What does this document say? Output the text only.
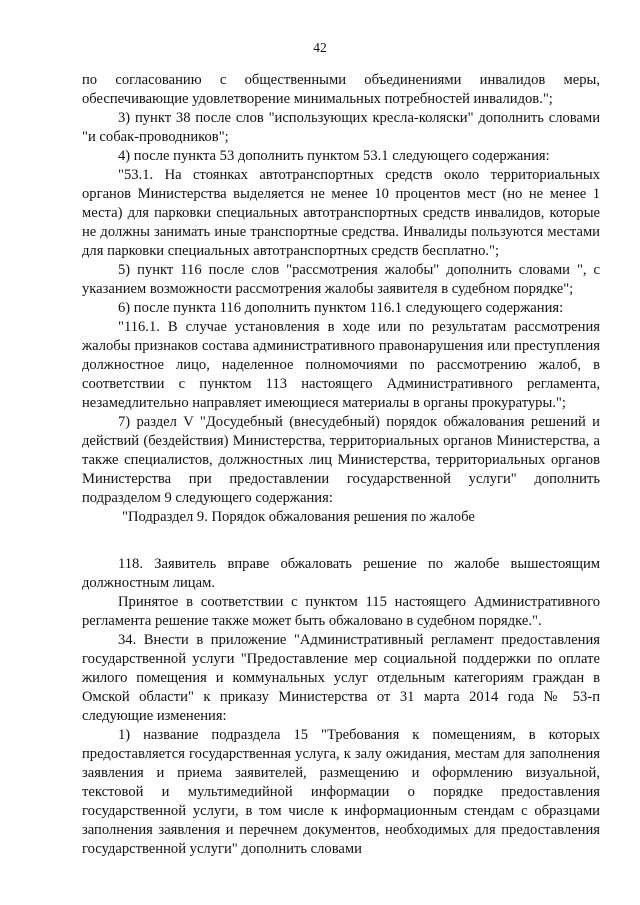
42

по согласованию с общественными объединениями инвалидов меры, обеспечивающие удовлетворение минимальных потребностей инвалидов.";

3) пункт 38 после слов "использующих кресла-коляски" дополнить словами "и собак-проводников";

4) после пункта 53 дополнить пунктом 53.1 следующего содержания:

"53.1. На стоянках автотранспортных средств около территориальных органов Министерства выделяется не менее 10 процентов мест (но не менее 1 места) для парковки специальных автотранспортных средств инвалидов, которые не должны занимать иные транспортные средства. Инвалиды пользуются местами для парковки специальных автотранспортных средств бесплатно.";

5) пункт 116 после слов "рассмотрения жалобы" дополнить словами ", с указанием возможности рассмотрения жалобы заявителя в судебном порядке";

6) после пункта 116 дополнить пунктом 116.1 следующего содержания:

"116.1. В случае установления в ходе или по результатам рассмотрения жалобы признаков состава административного правонарушения или преступления должностное лицо, наделенное полномочиями по рассмотрению жалоб, в соответствии с пунктом 113 настоящего Административного регламента, незамедлительно направляет имеющиеся материалы в органы прокуратуры.";

7) раздел V "Досудебный (внесудебный) порядок обжалования решений и действий (бездействия) Министерства, территориальных органов Министерства, а также специалистов, должностных лиц Министерства, территориальных органов Министерства при предоставлении государственной услуги" дополнить подразделом 9 следующего содержания:

"Подраздел 9. Порядок обжалования решения по жалобе

118. Заявитель вправе обжаловать решение по жалобе вышестоящим должностным лицам.

Принятое в соответствии с пунктом 115 настоящего Административного регламента решение также может быть обжаловано в судебном порядке.".

34. Внести в приложение "Административный регламент предоставления государственной услуги "Предоставление мер социальной поддержки по оплате жилого помещения и коммунальных услуг отдельным категориям граждан в Омской области" к приказу Министерства от 31 марта 2014 года № 53-п следующие изменения:

1) название подраздела 15 "Требования к помещениям, в которых предоставляется государственная услуга, к залу ожидания, местам для заполнения заявления и приема заявителей, размещению и оформлению визуальной, текстовой и мультимедийной информации о порядке предоставления государственной услуги, в том числе к информационным стендам с образцами заполнения заявления и перечнем документов, необходимых для предоставления государственной услуги" дополнить словами
